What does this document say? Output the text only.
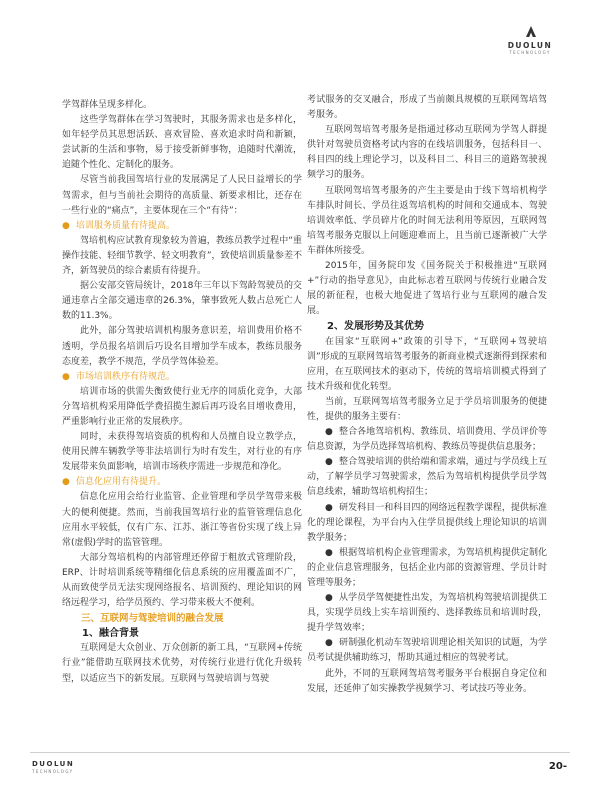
DUOLUN
TECHNOLOGY

学驾群体呈现多样化。

这些学驾群体在学习驾驶时，其服务需求也是多样化，如年轻学员其思想活跃、喜欢冒险、喜欢追求时尚和新颖，尝试新的生活和事物，易于接受新鲜事物，追随时代潮流，追随个性化、定制化的服务。

尽管当前我国驾培行业的发展满足了人民日益增长的学驾需求，但与当前社会期待的高质量、新要求相比，还存在一些行业的“痛点”，主要体现在三个“有待”：

● 培训服务质量有待提高。

驾培机构应试教育现象较为普遍，教练员教学过程中“重操作技能、轻细节教学、轻文明教育”，致使培训质量参差不齐，新驾驶员的综合素质有待提升。

据公安部交管局统计，2018年三年以下驾龄驾驶员的交通违章占全部交通违章的26.3%，肇事致死人数占总死亡人数的11.3%。

此外，部分驾驶培训机构服务意识差，培训费用价格不透明，学员报名培训后巧设名目增加学车成本，教练员服务态度差，教学不规范，学员学驾体验差。

● 市场培训秩序有待规范。

培训市场的供需失衡致使行业无序的同质化竞争，大部分驾培机构采用降低学费招揽生源后再巧设名目增收费用，严重影响行业正常的发展秩序。

同时，未获得驾培资质的机构和人员擅自设立教学点，使用民牌车辆教学等非法培训行为时有发生，对行业的有序发展带来负面影响，培训市场秩序需进一步规范和净化。

● 信息化应用有待提升。

信息化应用会给行业监管、企业管理和学员学驾带来极大的便利便捷。然而，当前我国驾培行业的监管管理信息化应用水平较低，仅有广东、江苏、浙江等省份实现了线上异常(虚假)学时的监管管理。

大部分驾培机构的内部管理还停留于粗放式管理阶段，ERP、计时培训系统等精细化信息系统的应用覆盖面不广，从而致使学员无法实现网络报名、培训预约、理论知识的网络远程学习，给学员预约、学习带来极大不便利。

三、互联网与驾驶培训的融合发展

1、融合背景

互联网是大众创业、万众创新的新工具，“互联网+传统行业”能借助互联网技术优势，对传统行业进行优化升级转型，以适应当下的新发展。互联网与驾驶培训与驾驶

考试服务的交叉融合，形成了当前颇具规模的互联网驾培驾考服务。

互联网驾培驾考服务是指通过移动互联网为学驾人群提供针对驾驶员资格考试内容的在线培训服务，包括科目一、科目四的线上理论学习，以及科目二、科目三的道路驾驶视频学习的服务。

互联网驾培驾考服务的产生主要是由于线下驾培机构学车排队时间长、学员往返驾培机构的时间和交通成本、驾驶培训效率低、学员碎片化的时间无法利用等原因，互联网驾培驾考服务克服以上问题迎难而上，且当前已逐渐被广大学车群体所接受。

2015年，国务院印发《国务院关于积极推进“互联网+”行动的指导意见》，由此标志着互联网与传统行业融合发展的新征程，也极大地促进了驾培行业与互联网的融合发展。

2、发展形势及其优势

在国家“互联网+”政策的引导下，“互联网+驾驶培训”形成的互联网驾培驾考服务的新商业模式逐渐得到探索和应用，在互联网技术的驱动下，传统的驾培培训模式得到了技术升级和优化转型。

当前，互联网驾培驾考服务立足于学员培训服务的便捷性，提供的服务主要有：

● 整合各地驾培机构、教练员、培训费用、学员评价等信息资源，为学员选择驾培机构、教练员等提供信息服务；

● 整合驾驶培训的供给端和需求端，通过与学员线上互动，了解学员学习驾驶需求，然后为驾培机构提供学员学驾信息线索，辅助驾培机构招生；

● 研发科目一和科目四的网络远程教学课程，提供标准化的理论课程，为平台内入住学员提供线上理论知识的培训教学服务；

● 根据驾培机构企业管理需求，为驾培机构提供定制化的企业信息管理服务，包括企业内部的资源管理、学员计时管理等服务；

● 从学员学驾便捷性出发，为驾培机构驾驶培训提供工具，实现学员线上实车培训预约、选择教练员和培训时段，提升学驾效率；

● 研制强化机动车驾驶培训理论相关知识的试题，为学员考试提供辅助练习，帮助其通过相应的驾驶考试。

此外，不同的互联网驾培驾考服务平台根据自身定位和发展，还延伸了如实操教学视频学习、考试技巧等业务。

DUOLUN
TECHNOLOGY	20-
